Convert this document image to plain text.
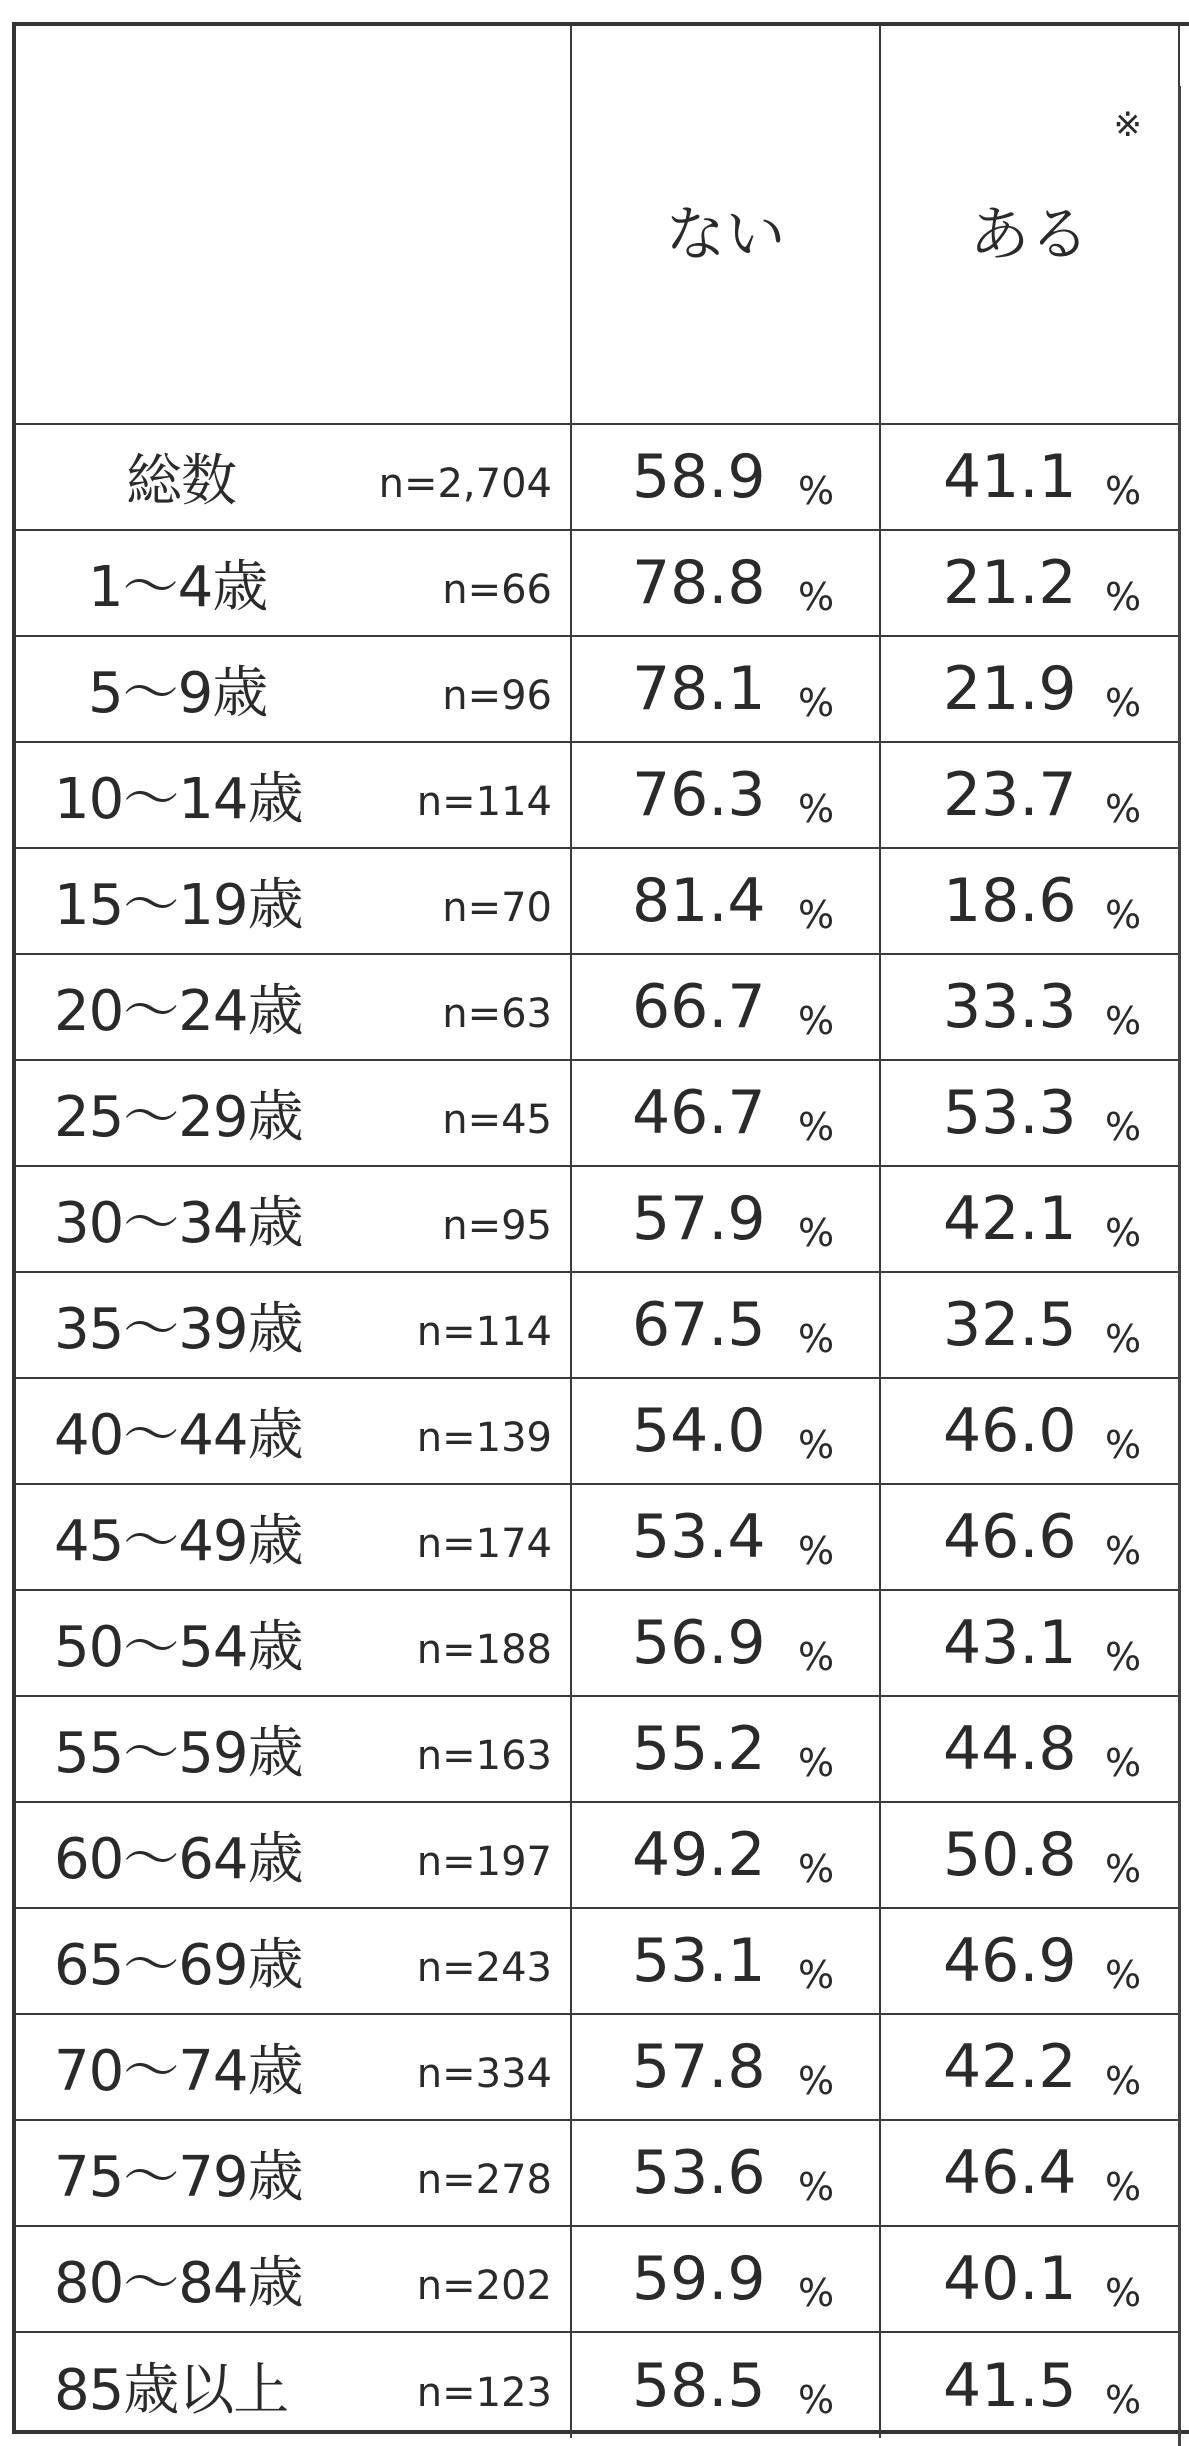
	ない	ある
※

総数 n=2,704	58.9 %	41.1 %

1〜4歳 n=66	78.8 %	21.2 %

5〜9歳 n=96	78.1 %	21.9 %

10〜14歳 n=114	76.3 %	23.7 %

15〜19歳 n=70	81.4 %	18.6 %

20〜24歳 n=63	66.7 %	33.3 %

25〜29歳 n=45	46.7 %	53.3 %

30〜34歳 n=95	57.9 %	42.1 %

35〜39歳 n=114	67.5 %	32.5 %

40〜44歳 n=139	54.0 %	46.0 %

45〜49歳 n=174	53.4 %	46.6 %

50〜54歳 n=188	56.9 %	43.1 %

55〜59歳 n=163	55.2 %	44.8 %

60〜64歳 n=197	49.2 %	50.8 %

65〜69歳 n=243	53.1 %	46.9 %

70〜74歳 n=334	57.8 %	42.2 %

75〜79歳 n=278	53.6 %	46.4 %

80〜84歳 n=202	59.9 %	40.1 %

85歳以上 n=123	58.5 %	41.5 %
